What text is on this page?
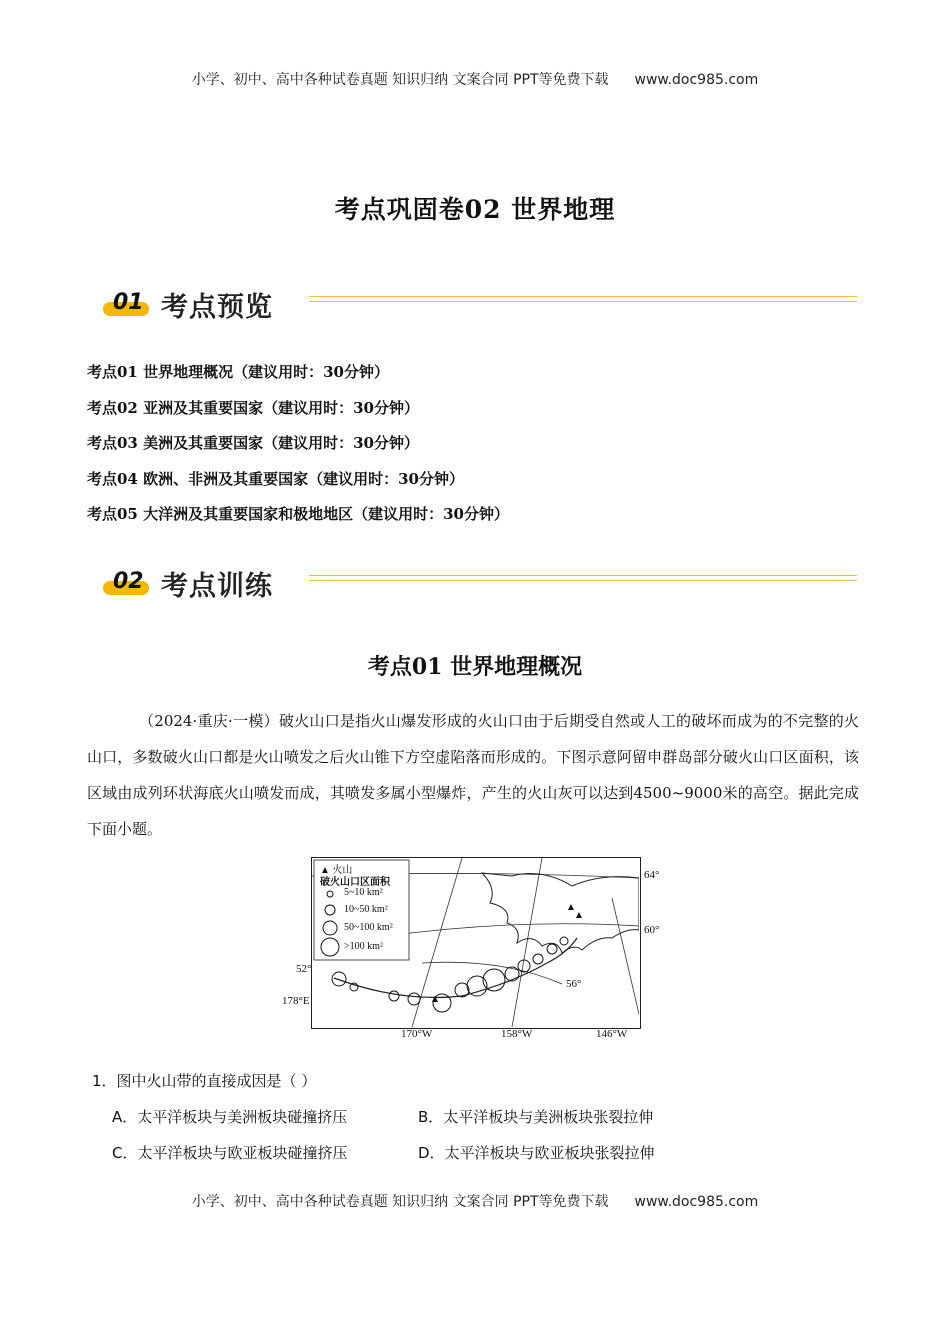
小学、初中、高中各种试卷真题 知识归纳 文案合同 PPT等免费下载 www.doc985.com
考点巩固卷02 世界地理
01 考点预览
考点01 世界地理概况（建议用时：30分钟）
考点02 亚洲及其重要国家（建议用时：30分钟）
考点03 美洲及其重要国家（建议用时：30分钟）
考点04 欧洲、非洲及其重要国家（建议用时：30分钟）
考点05 大洋洲及其重要国家和极地地区（建议用时：30分钟）
02 考点训练
考点01 世界地理概况
（2024·重庆·一模）破火山口是指火山爆发形成的火山口由于后期受自然或人工的破坏而成为的不完整的火山口，多数破火山口都是火山喷发之后火山锥下方空虚陷落而形成的。下图示意阿留申群岛部分破火山口区面积，该区域由成列环状海底火山喷发而成，其喷发多属小型爆炸，产生的火山灰可以达到4500~9000米的高空。据此完成下面小题。
▲ 火山
破火山口区面积
5~10 km²
10~50 km²
50~100 km²
>100 km²
64°
60°
56°
52°
178°E
170°W	158°W	146°W
1．图中火山带的直接成因是（ ）
A．太平洋板块与美洲板块碰撞挤压	B．太平洋板块与美洲板块张裂拉伸
C．太平洋板块与欧亚板块碰撞挤压	D．太平洋板块与欧亚板块张裂拉伸
小学、初中、高中各种试卷真题 知识归纳 文案合同 PPT等免费下载 www.doc985.com
